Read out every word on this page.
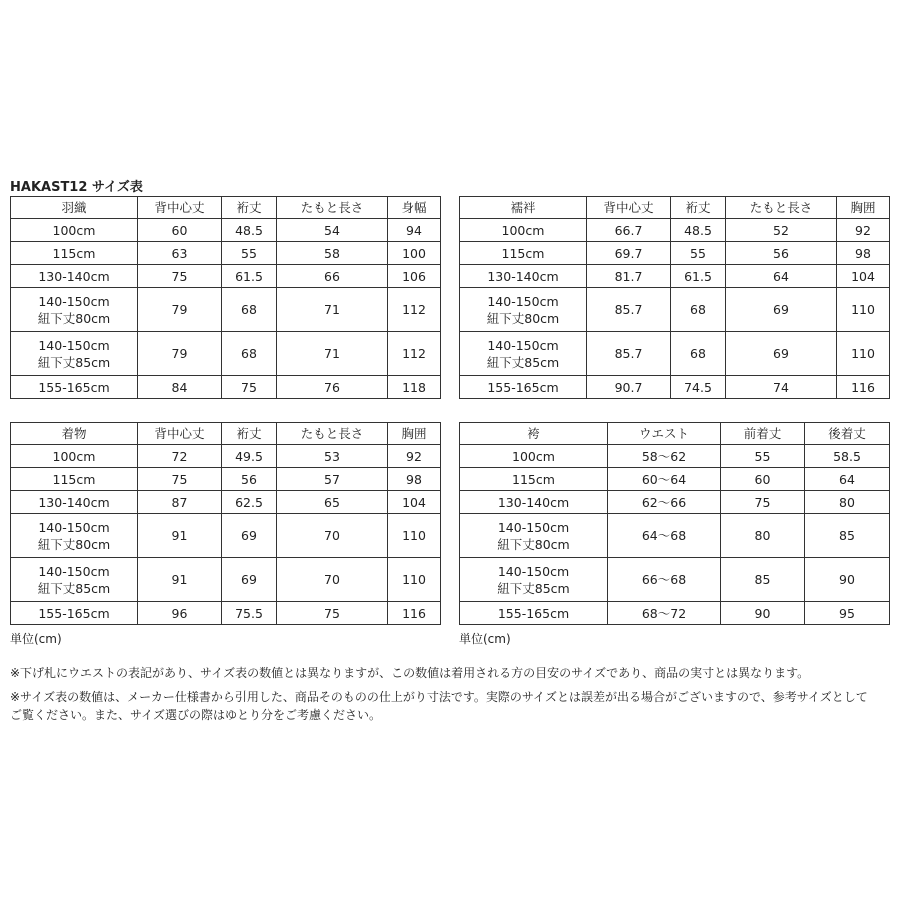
HAKAST12 サイズ表
羽織	背中心丈	裄丈	たもと長さ	身幅
100cm	60	48.5	54	94
115cm	63	55	58	100
130-140cm	75	61.5	66	106
140-150cm
紐下丈80cm	79	68	71	112
140-150cm
紐下丈85cm	79	68	71	112
155-165cm	84	75	76	118
襦袢	背中心丈	裄丈	たもと長さ	胸囲
100cm	66.7	48.5	52	92
115cm	69.7	55	56	98
130-140cm	81.7	61.5	64	104
140-150cm
紐下丈80cm	85.7	68	69	110
140-150cm
紐下丈85cm	85.7	68	69	110
155-165cm	90.7	74.5	74	116
着物	背中心丈	裄丈	たもと長さ	胸囲
100cm	72	49.5	53	92
115cm	75	56	57	98
130-140cm	87	62.5	65	104
140-150cm
紐下丈80cm	91	69	70	110
140-150cm
紐下丈85cm	91	69	70	110
155-165cm	96	75.5	75	116
袴	ウエスト	前着丈	後着丈
100cm	58〜62	55	58.5
115cm	60〜64	60	64
130-140cm	62〜66	75	80
140-150cm
紐下丈80cm	64〜68	80	85
140-150cm
紐下丈85cm	66〜68	85	90
155-165cm	68〜72	90	95
単位(cm)	単位(cm)
※下げ札にウエストの表記があり、サイズ表の数値とは異なりますが、この数値は着用される方の目安のサイズであり、商品の実寸とは異なります。
※サイズ表の数値は、メーカー仕様書から引用した、商品そのものの仕上がり寸法です。実際のサイズとは誤差が出る場合がございますので、参考サイズとして
ご覧ください。また、サイズ選びの際はゆとり分をご考慮ください。
